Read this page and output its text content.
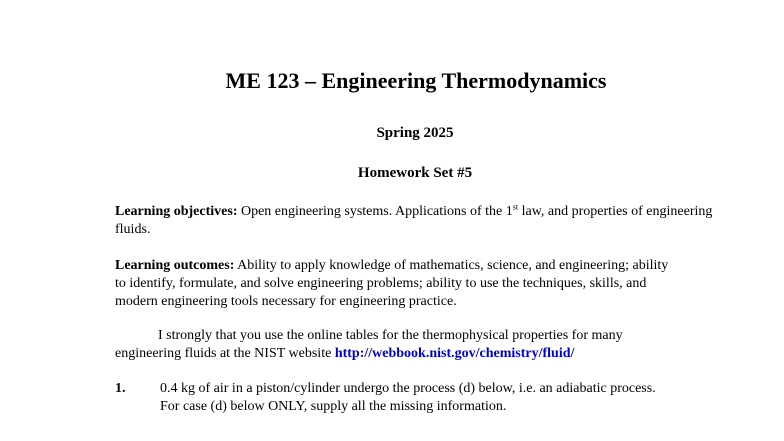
ME 123 – Engineering Thermodynamics
Spring 2025
Homework Set #5
Learning objectives: Open engineering systems. Applications of the 1st law, and properties of engineering fluids.
Learning outcomes: Ability to apply knowledge of mathematics, science, and engineering; ability to identify, formulate, and solve engineering problems; ability to use the techniques, skills, and modern engineering tools necessary for engineering practice.
I strongly that you use the online tables for the thermophysical properties for many engineering fluids at the NIST website http://webbook.nist.gov/chemistry/fluid/
1. 0.4 kg of air in a piston/cylinder undergo the process (d) below, i.e. an adiabatic process.
For case (d) below ONLY, supply all the missing information.
